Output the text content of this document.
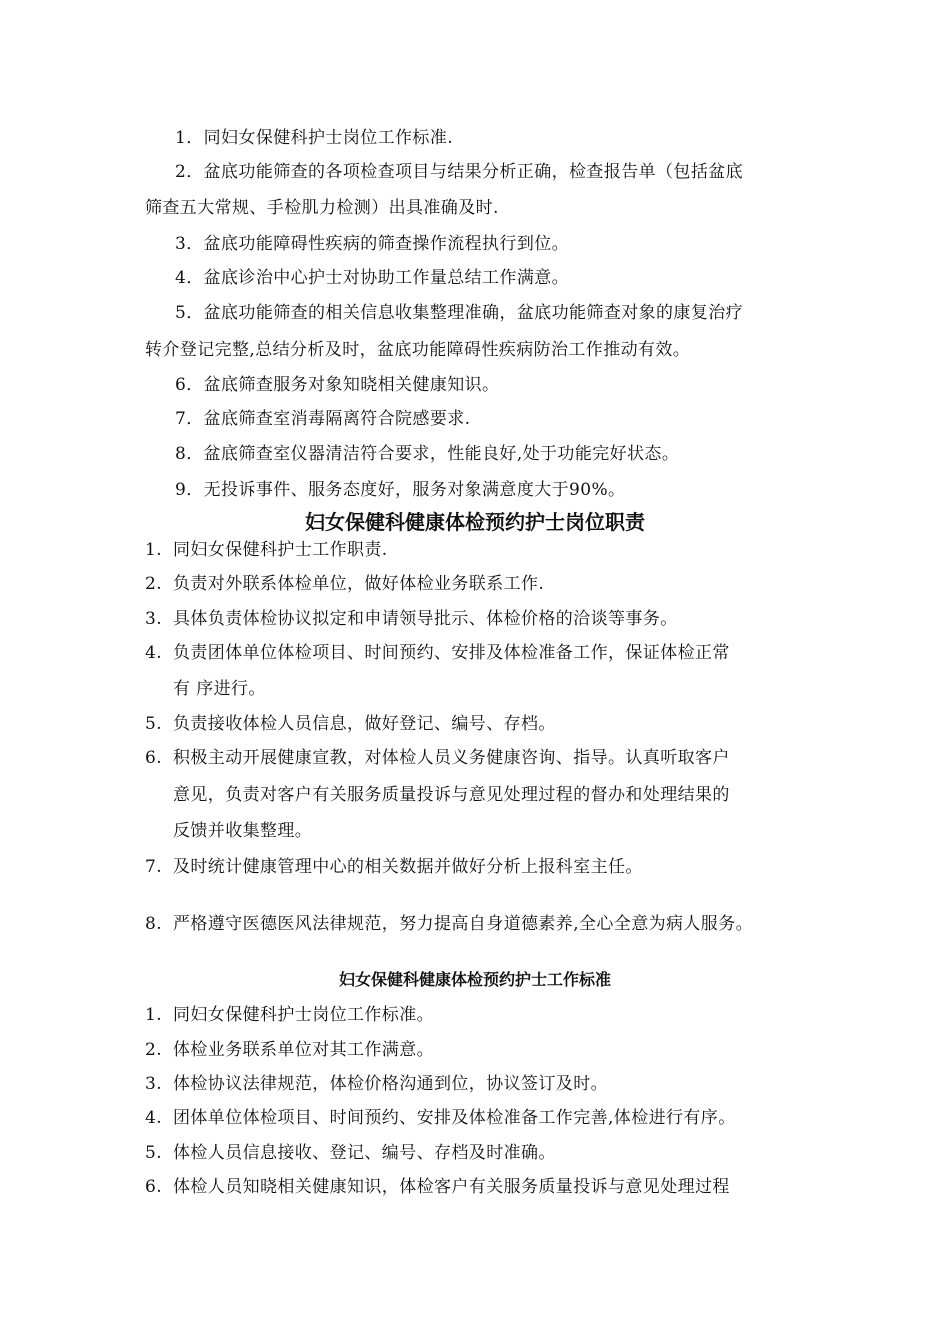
1．同妇女保健科护士岗位工作标准.
2．盆底功能筛查的各项检查项目与结果分析正确，检查报告单（包括盆底
筛查五大常规、手检肌力检测）出具准确及时.
3．盆底功能障碍性疾病的筛查操作流程执行到位。
4．盆底诊治中心护士对协助工作量总结工作满意。
5．盆底功能筛查的相关信息收集整理准确，盆底功能筛查对象的康复治疗
转介登记完整,总结分析及时，盆底功能障碍性疾病防治工作推动有效。
6．盆底筛查服务对象知晓相关健康知识。
7．盆底筛查室消毒隔离符合院感要求.
8．盆底筛查室仪器清洁符合要求，性能良好,处于功能完好状态。
9．无投诉事件、服务态度好，服务对象满意度大于90%。
妇女保健科健康体检预约护士岗位职责
1. 同妇女保健科护士工作职责.
2. 负责对外联系体检单位，做好体检业务联系工作.
3. 具体负责体检协议拟定和申请领导批示、体检价格的洽谈等事务。
4. 负责团体单位体检项目、时间预约、安排及体检准备工作，保证体检正常
有 序进行。
5. 负责接收体检人员信息，做好登记、编号、存档。
6. 积极主动开展健康宣教，对体检人员义务健康咨询、指导。认真听取客户
意见，负责对客户有关服务质量投诉与意见处理过程的督办和处理结果的
反馈并收集整理。
7. 及时统计健康管理中心的相关数据并做好分析上报科室主任。
8. 严格遵守医德医风法律规范，努力提高自身道德素养,全心全意为病人服务。
妇女保健科健康体检预约护士工作标准
1. 同妇女保健科护士岗位工作标准。
2. 体检业务联系单位对其工作满意。
3. 体检协议法律规范，体检价格沟通到位，协议签订及时。
4. 团体单位体检项目、时间预约、安排及体检准备工作完善,体检进行有序。
5. 体检人员信息接收、登记、编号、存档及时准确。
6. 体检人员知晓相关健康知识，体检客户有关服务质量投诉与意见处理过程
